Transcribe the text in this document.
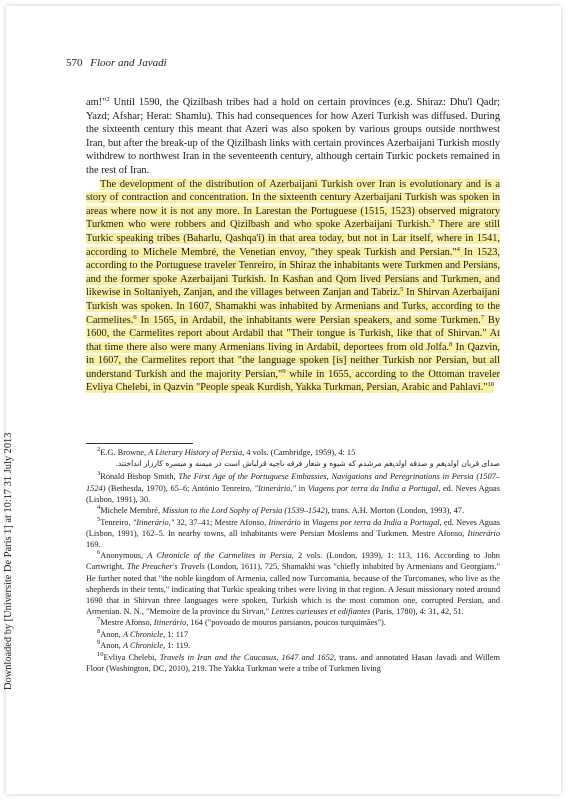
Downloaded by [Universite De Paris 1] at 10:17 31 July 2013
570 Floor and Javadi

am!"$^2$ Until 1590, the Qizilbash tribes had a hold on certain provinces (e.g. Shiraz: Dhu'l Qadr; Yazd; Afshar; Herat: Shamlu). This had consequences for how Azeri Turkish was diffused. During the sixteenth century this meant that Azeri was also spoken by various groups outside northwest Iran, but after the break-up of the Qizilbash links with certain provinces Azerbaijani Turkish mostly withdrew to northwest Iran in the seventeenth century, although certain Turkic pockets remained in the rest of Iran.

The development of the distribution of Azerbaijani Turkish over Iran is evolutionary and is a story of contraction and concentration. In the sixteenth century Azerbaijani Turkish was spoken in areas where now it is not any more. In Larestan the Portuguese (1515, 1523) observed migratory Turkmen who were robbers and Qizilbash and who spoke Azerbaijani Turkish.$^3$ There are still Turkic speaking tribes (Baharlu, Qashqa'i) in that area today, but not in Lar itself, where in 1541, according to Michele Membré, the Venetian envoy, "they speak Turkish and Persian."$^4$ In 1523, according to the Portuguese traveler Tenreiro, in Shiraz the inhabitants were Turkmen and Persians, and the former spoke Azerbaijani Turkish. In Kashan and Qom lived Persians and Turkmen, and likewise in Soltaniyeh, Zanjan, and the villages between Zanjan and Tabriz.$^5$ In Shirvan Azerbaijani Turkish was spoken. In 1607, Shamakhi was inhabited by Armenians and Turks, according to the Carmelites.$^6$ In 1565, in Ardabil, the inhabitants were Persian speakers, and some Turkmen.$^7$ By 1600, the Carmelites report about Ardabil that "Their tongue is Turkish, like that of Shirvan." At that time there also were many Armenians living in Ardabil, deportees from old Jolfa.$^8$ In Qazvin, in 1607, the Carmelites report that "the language spoken [is] neither Turkish nor Persian, but all understand Turkish and the majority Persian,"$^9$ while in 1655, according to the Ottoman traveler Evliya Chelebi, in Qazvin "People speak Kurdish, Yakka Turkman, Persian, Arabic and Pahlavi."$^{10}$

$^2$E.G. Browne, A Literary History of Persia, 4 vols. (Cambridge, 1959), 4: 15

صدای قربان اولدیغم و صدقه اولدیغم مرشدم که شیوه و شعار فرقه ناجیه قزلباش است در میمنه و میسره کارزار انداختند.

$^3$Ronald Bishop Smith, The First Age of the Portuguese Embassies, Navigations and Peregrinations in Persia (1507–1524) (Bethesda, 1970), 65–6; António Tenreiro, "Itinerário," in Viagens por terra da India a Portugal, ed. Neves Aguas (Lisbon, 1991), 30.

$^4$Michele Membré, Mission to the Lord Sophy of Persia (1539–1542), trans. A.H. Morton (London, 1993), 47.

$^5$Tenreiro, "Itinerário," 32, 37–41; Mestre Afonso, Itinerário in Viagens por terra da India a Portugal, ed. Neves Aguas (Lisbon, 1991), 162–5. In nearby towns, all inhabitants were Persian Moslems and Turkmen. Mestre Afonso, Itinerário 169.

$^6$Anonymous, A Chronicle of the Carmelites in Persia, 2 vols. (London, 1939), 1: 113, 116. According to John Cartwright, The Preacher's Travels (London, 1611), 725, Shamakhi was "chiefly inhabited by Armenians and Georgians." He further noted that "the noble kingdom of Armenia, called now Turcomania, because of the Turcomanes, who live as the shepherds in their tents," indicating that Turkic speaking tribes were living in that region. A Jesuit missionary noted around 1690 that in Shirvan three languages were spoken, Turkish which is the most common one, corrupted Persian, and Armenian. N. N., "Memoire de la province du Sirvan," Lettres curieuses et edifiantes (Paris, 1780), 4: 31, 42, 51.

$^7$Mestre Afonso, Itinerário, 164 ("povoado de mouros parsianos, poucos turquimães").

$^8$Anon, A Chronicle, 1: 117

$^9$Anon, A Chronicle, 1: 119.

$^{10}$Evliya Chelebi, Travels in Iran and the Caucasus, 1647 and 1652, trans. and annotated Hasan Javadi and Willem Floor (Washington, DC, 2010), 219. The Yakka Turkman were a tribe of Turkmen living
